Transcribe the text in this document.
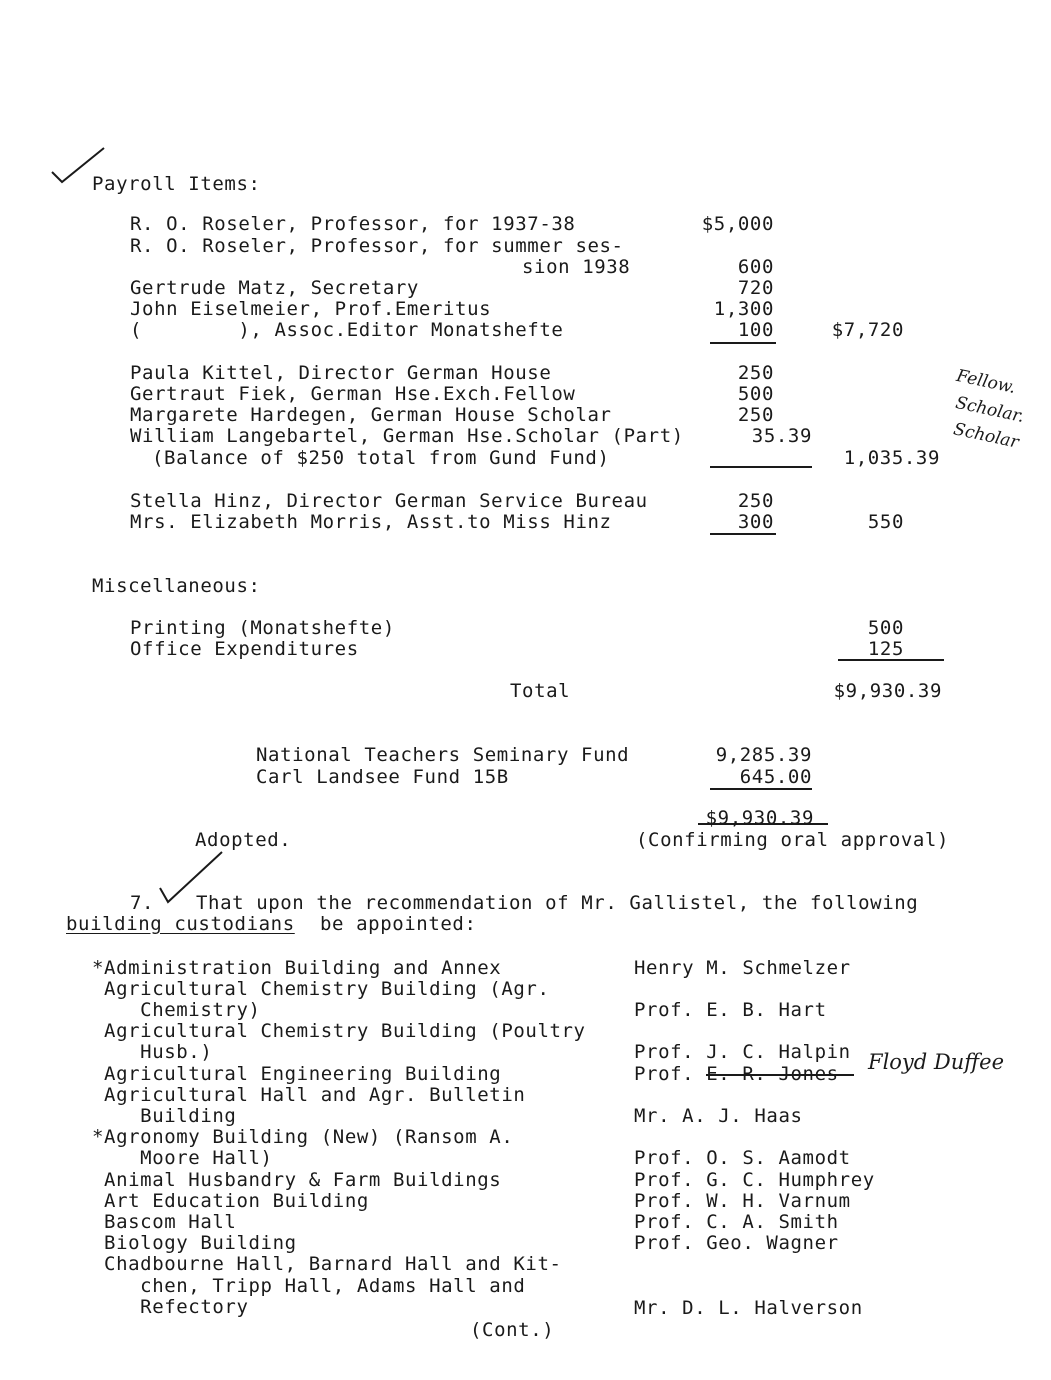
Payroll Items:
R. O. Roseler, Professor, for 1937-38	$5,000
R. O. Roseler, Professor, for summer ses-
sion 1938	600
Gertrude Matz, Secretary	720
John Eiselmeier, Prof.Emeritus	1,300
(        ), Assoc.Editor Monatshefte	100	$7,720
Paula Kittel, Director German House	250
Gertraut Fiek, German Hse.Exch.Fellow	500
Margarete Hardegen, German House Scholar	250
William Langebartel, German Hse.Scholar (Part)	35.39
(Balance of $250 total from Gund Fund)	1,035.39
Fellow.
Scholar.
Scholar
Stella Hinz, Director German Service Bureau	250
Mrs. Elizabeth Morris, Asst.to Miss Hinz	300	550
Miscellaneous:
Printing (Monatshefte)	500
Office Expenditures	125
Total	$9,930.39
National Teachers Seminary Fund	9,285.39
Carl Landsee Fund 15B	645.00
$9,930.39
Adopted.	(Confirming oral approval)
7. That upon the recommendation of Mr. Gallistel, the following
building custodians be appointed:
*Administration Building and Annex	Henry M. Schmelzer
Agricultural Chemistry Building (Agr.
Chemistry)	Prof. E. B. Hart
Agricultural Chemistry Building (Poultry
Husb.)	Prof. J. C. Halpin
Agricultural Engineering Building	Prof. E. R. Jones Floyd Duffee
Agricultural Hall and Agr. Bulletin
Building	Mr. A. J. Haas
*Agronomy Building (New) (Ransom A.
Moore Hall)	Prof. O. S. Aamodt
Animal Husbandry & Farm Buildings	Prof. G. C. Humphrey
Art Education Building	Prof. W. H. Varnum
Bascom Hall	Prof. C. A. Smith
Biology Building	Prof. Geo. Wagner
Chadbourne Hall, Barnard Hall and Kit-
chen, Tripp Hall, Adams Hall and
Refectory	Mr. D. L. Halverson
(Cont.)
